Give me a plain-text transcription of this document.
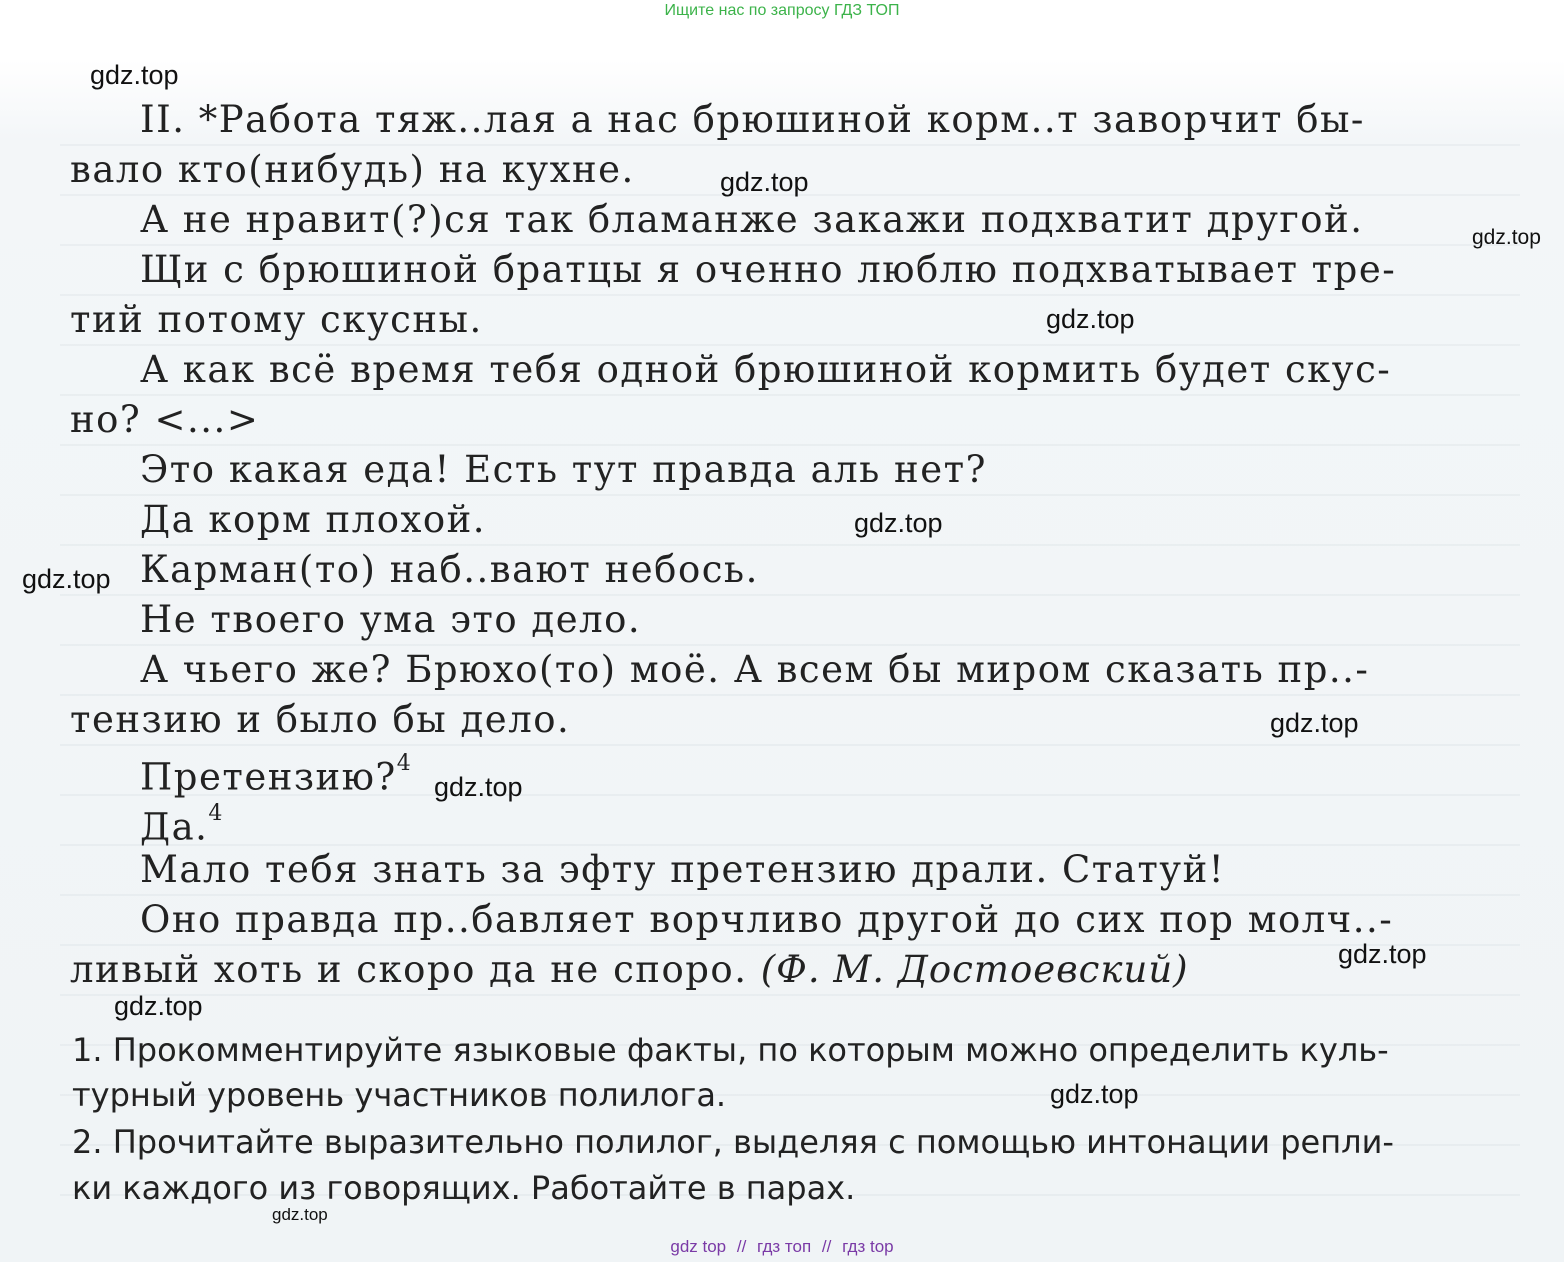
Ищите нас по запросу ГДЗ ТОП
II. *Работа тяж..лая а нас брюшиной корм..т заворчит бы-
вало кто(нибудь) на кухне.
А не нравит(?)ся так бламанже закажи подхватит другой.
Щи с брюшиной братцы я оченно люблю подхватывает тре-
тий потому скусны.
А как всё время тебя одной брюшиной кормить будет скус-
но? <...>
Это какая еда! Есть тут правда аль нет?
Да корм плохой.
Карман(то) наб..вают небось.
Не твоего ума это дело.
А чьего же? Брюхо(то) моё. А всем бы миром сказать пр..-
тензию и было бы дело.
Претензию?$^4$
Да.$^4$
Мало тебя знать за эфту претензию драли. Статуй!
Оно правда пр..бавляет ворчливо другой до сих пор молч..-
ливый хоть и скоро да не споро. (Ф. М. Достоевский)
1. Прокомментируйте языковые факты, по которым можно определить куль-
турный уровень участников полилога.
2. Прочитайте выразительно полилог, выделяя с помощью интонации репли-
ки каждого из говорящих. Работайте в парах.
gdz.top
gdz.top
gdz.top
gdz.top
gdz.top
gdz.top
gdz.top
gdz.top
gdz.top
gdz.top
gdz.top
gdz.top
gdz top // гдз топ // гдз top
